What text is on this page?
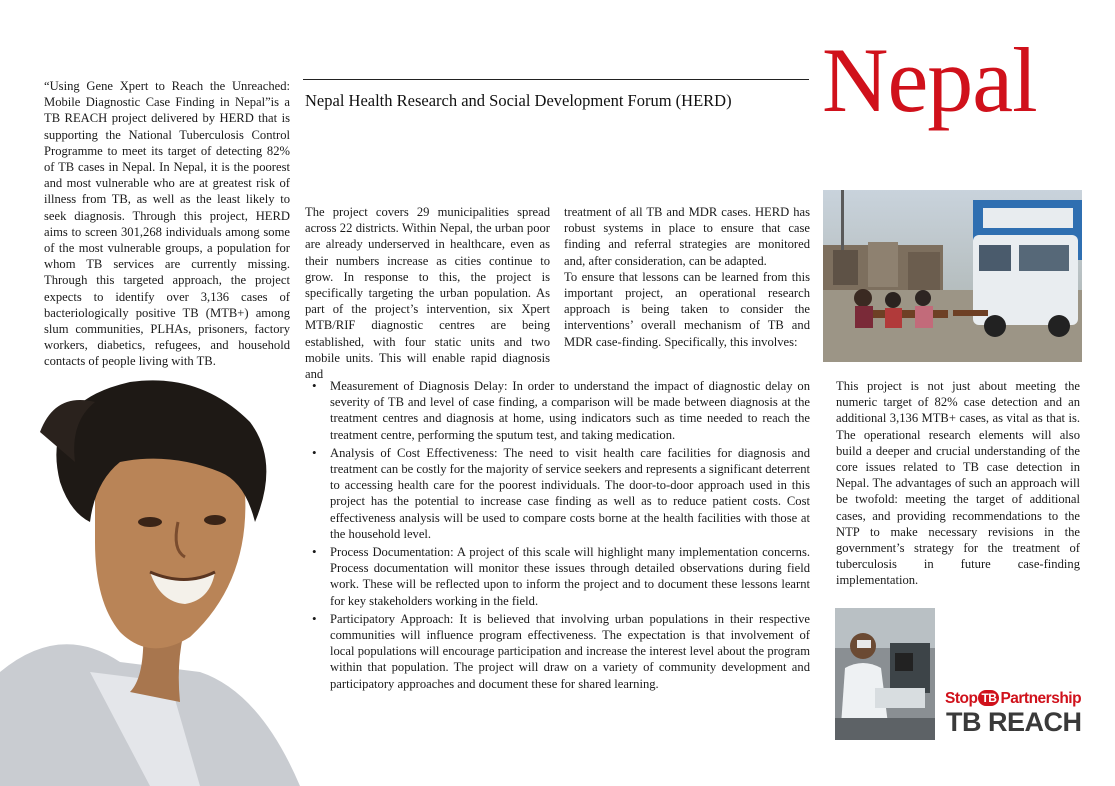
Nepal Health Research and Social Development Forum (HERD) Nepal

“Using Gene Xpert to Reach the Unreached: Mobile Diagnostic Case Finding in Nepal”is a TB REACH project delivered by HERD that is supporting the National Tuberculosis Control Programme to meet its target of detecting 82% of TB cases in Nepal. In Nepal, it is the poorest and most vulnerable who are at greatest risk of illness from TB, as well as the least likely to seek diagnosis. Through this project, HERD aims to screen 301,268 individuals among some of the most vulnerable groups, a population for whom TB services are currently missing. Through this targeted approach, the project expects to identify over 3,136 cases of bacteriologically positive TB (MTB+) among slum communities, PLHAs, prisoners, factory workers, diabetics, refugees, and household contacts of people living with TB.

The project covers 29 municipalities spread across 22 districts. Within Nepal, the urban poor are already underserved in healthcare, even as their numbers increase as cities continue to grow. In response to this, the project is specifically targeting the urban population. As part of the project’s intervention, six Xpert MTB/RIF diagnostic centres are being established, with four static units and two mobile units. This will enable rapid diagnosis and

treatment of all TB and MDR cases. HERD has robust systems in place to ensure that case finding and referral strategies are monitored and, after consideration, can be adapted.

To ensure that lessons can be learned from this important project, an operational research approach is being taken to consider the interventions’ overall mechanism of TB and MDR case-finding. Specifically, this involves:

• Measurement of Diagnosis Delay: In order to understand the impact of diagnostic delay on severity of TB and level of case finding, a comparison will be made between diagnosis at the treatment centres and diagnosis at home, using indicators such as time needed to reach the treatment centre, performing the sputum test, and taking medication.
• Analysis of Cost Effectiveness: The need to visit health care facilities for diagnosis and treatment can be costly for the majority of service seekers and represents a significant deterrent to accessing health care for the poorest individuals. The door-to-door approach used in this project has the potential to increase case finding as well as to reduce patient costs. Cost effectiveness analysis will be used to compare costs borne at the health facilities with those at the household level.
• Process Documentation: A project of this scale will highlight many implementation concerns. Process documentation will monitor these issues through detailed observations during field work. These will be reflected upon to inform the project and to document these lessons learnt for key stakeholders working in the field.
• Participatory Approach: It is believed that involving urban populations in their respective communities will influence program effectiveness. The expectation is that involvement of local populations will encourage participation and increase the interest level about the program within that population. The project will draw on a variety of community development and participatory approaches and document these for shared learning.

This project is not just about meeting the numeric target of 82% case detection and an additional 3,136 MTB+ cases, as vital as that is. The operational research elements will also build a deeper and crucial understanding of the core issues related to TB case detection in Nepal. The advantages of such an approach will be twofold: meeting the target of additional cases, and providing recommendations to the NTP to make necessary revisions in the government’s strategy for the treatment of tuberculosis in future case-finding implementation.

Stop TB Partnership
TB REACH
